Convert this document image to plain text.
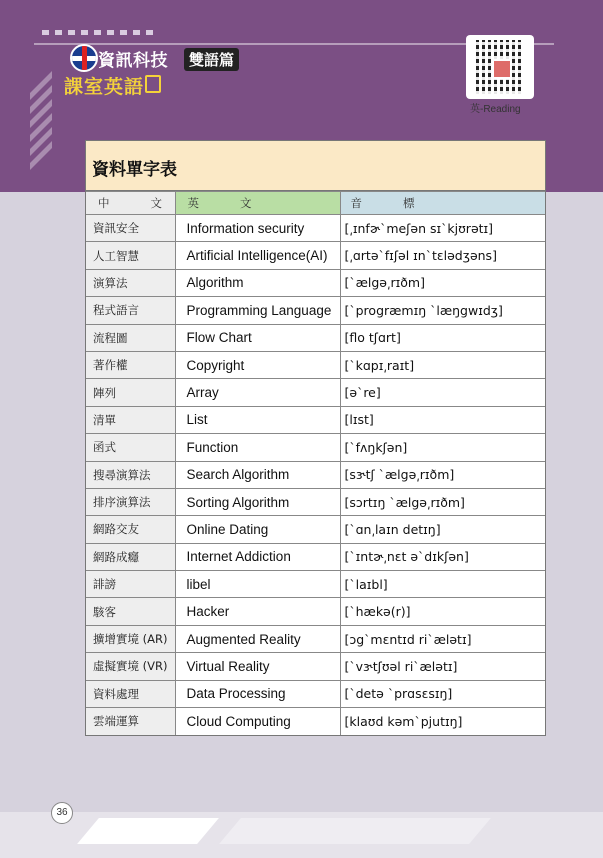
資訊科技	雙語篇
課室英語
英-Reading
資料單字表
中　　文	英　　文	音　　標
資訊安全	Information security	[͵ɪnfɚˋmeʃən sɪˋkjʊrətɪ]
人工智慧	Artificial Intelligence(AI)	[͵ɑrtəˋfɪʃəl ɪnˋtɛlədʒəns]
演算法	Algorithm	[ˋælgə͵rɪðm]
程式語言	Programming Language	[ˋprogræmɪŋ ˋlæŋgwɪdʒ]
流程圖	Flow Chart	[flo tʃɑrt]
著作權	Copyright	[ˋkɑpɪ͵raɪt]
陣列	Array	[əˋre]
清單	List	[lɪst]
函式	Function	[ˋfʌŋkʃən]
搜尋演算法	Search Algorithm	[sɝtʃ ˋælgə͵rɪðm]
排序演算法	Sorting Algorithm	[sɔrtɪŋ ˋælgə͵rɪðm]
網路交友	Online Dating	[ˋɑn͵laɪn detɪŋ]
網路成癮	Internet Addiction	[ˋɪntɚ͵nɛt əˋdɪkʃən]
誹謗	libel	[ˋlaɪbl]
駭客	Hacker	[ˋhækə(r)]
擴增實境 (AR)	Augmented Reality	[ɔgˋmɛntɪd riˋælətɪ]
虛擬實境 (VR)	Virtual Reality	[ˋvɝtʃʊəl riˋælətɪ]
資料處理	Data Processing	[ˋdetə ˋprɑsɛsɪŋ]
雲端運算	Cloud Computing	[klaʊd kəmˋpjutɪŋ]
36
